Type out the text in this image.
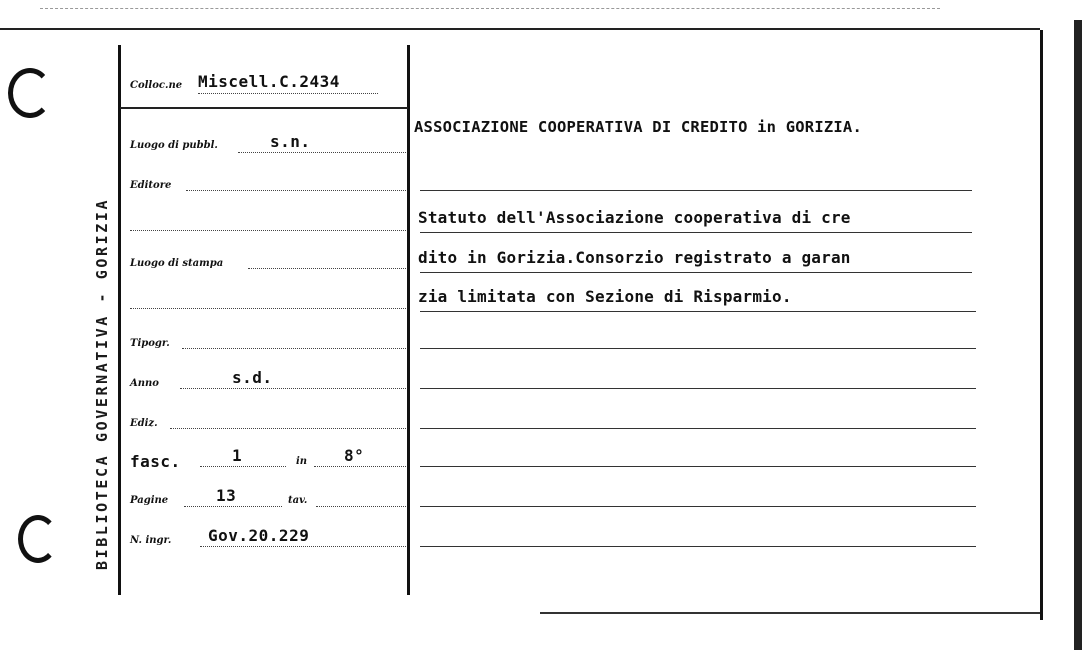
BIBLIOTECA GOVERNATIVA - GORIZIA
Colloc.ne Miscell.C.2434
Luogo di pubbl.	s.n.
Editore
Luogo di stampa
Tipogr.
Anno	s.d.
Ediz.
fasc.	1	in 8°
Pagine	13	tav.
N. ingr. Gov.20.229
ASSOCIAZIONE COOPERATIVA DI CREDITO in GORIZIA.
Statuto dell'Associazione cooperativa di cre
dito in Gorizia.Consorzio registrato a garan
zia limitata con Sezione di Risparmio.
